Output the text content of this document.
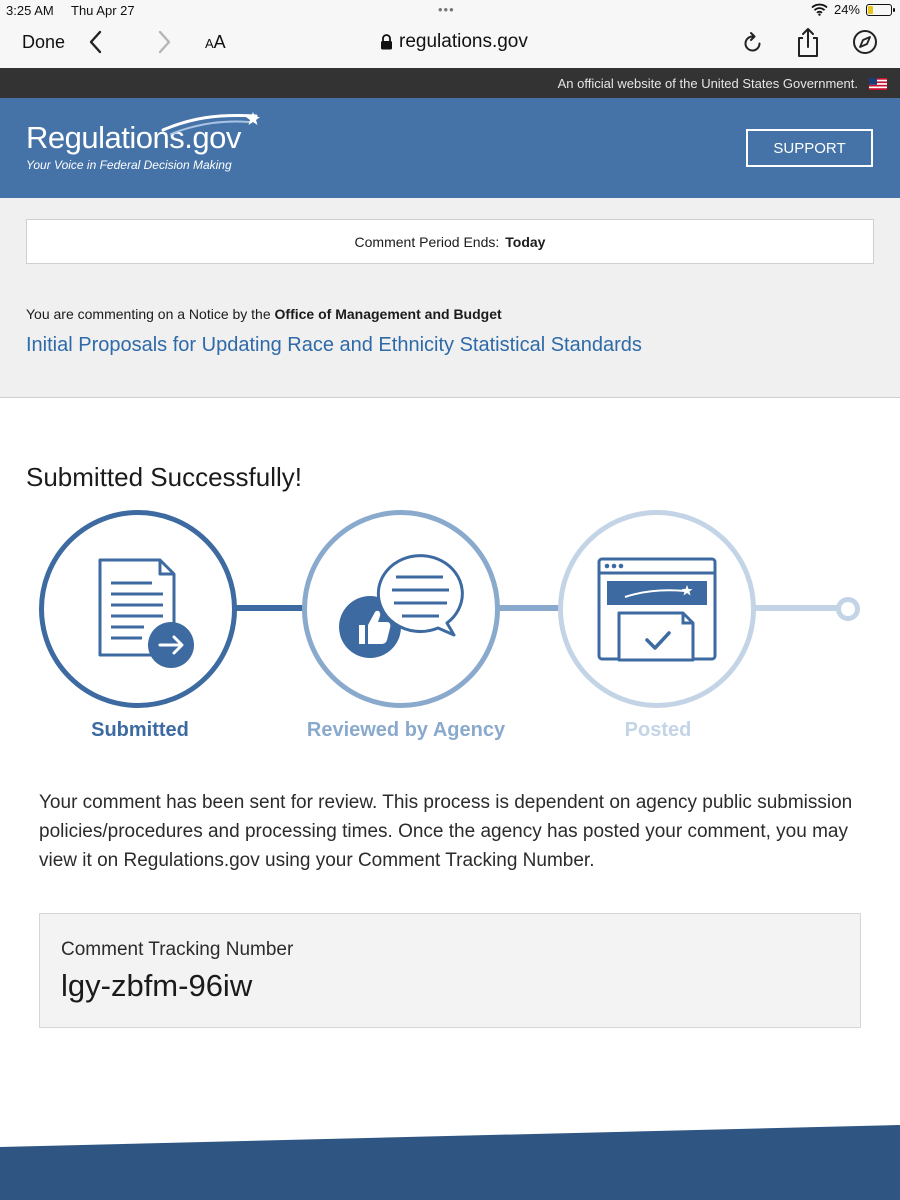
3:25 AM Thu Apr 27	•••	24%
Done	AA	regulations.gov
An official website of the United States Government.
Regulations.gov
Your Voice in Federal Decision Making
SUPPORT
Comment Period Ends: Today
You are commenting on a Notice by the Office of Management and Budget
Initial Proposals for Updating Race and Ethnicity Statistical Standards
Submitted Successfully!
Submitted	Reviewed by Agency	Posted

Your comment has been sent for review. This process is dependent on agency public submission policies/procedures and processing times. Once the agency has posted your comment, you may view it on Regulations.gov using your Comment Tracking Number.

Comment Tracking Number
lgy-zbfm-96iw
